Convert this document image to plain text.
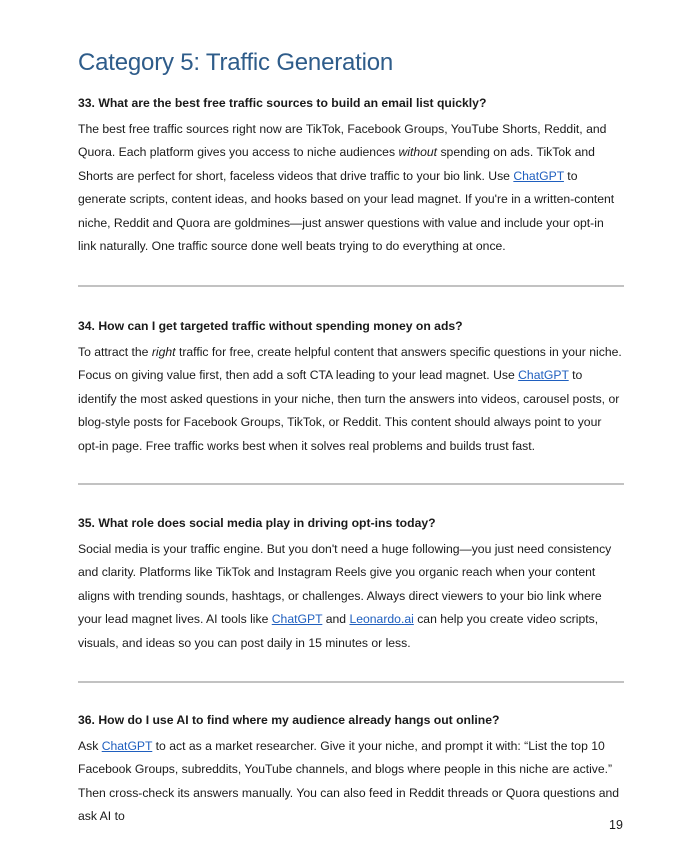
Category 5: Traffic Generation

33. What are the best free traffic sources to build an email list quickly?

The best free traffic sources right now are TikTok, Facebook Groups, YouTube Shorts, Reddit, and Quora. Each platform gives you access to niche audiences without spending on ads. TikTok and Shorts are perfect for short, faceless videos that drive traffic to your bio link. Use ChatGPT to generate scripts, content ideas, and hooks based on your lead magnet. If you're in a written-content niche, Reddit and Quora are goldmines—just answer questions with value and include your opt-in link naturally. One traffic source done well beats trying to do everything at once.

34. How can I get targeted traffic without spending money on ads?

To attract the right traffic for free, create helpful content that answers specific questions in your niche. Focus on giving value first, then add a soft CTA leading to your lead magnet. Use ChatGPT to identify the most asked questions in your niche, then turn the answers into videos, carousel posts, or blog-style posts for Facebook Groups, TikTok, or Reddit. This content should always point to your opt-in page. Free traffic works best when it solves real problems and builds trust fast.

35. What role does social media play in driving opt-ins today?

Social media is your traffic engine. But you don't need a huge following—you just need consistency and clarity. Platforms like TikTok and Instagram Reels give you organic reach when your content aligns with trending sounds, hashtags, or challenges. Always direct viewers to your bio link where your lead magnet lives. AI tools like ChatGPT and Leonardo.ai can help you create video scripts, visuals, and ideas so you can post daily in 15 minutes or less.

36. How do I use AI to find where my audience already hangs out online?

Ask ChatGPT to act as a market researcher. Give it your niche, and prompt it with: “List the top 10 Facebook Groups, subreddits, YouTube channels, and blogs where people in this niche are active.” Then cross-check its answers manually. You can also feed in Reddit threads or Quora questions and ask AI to

19
